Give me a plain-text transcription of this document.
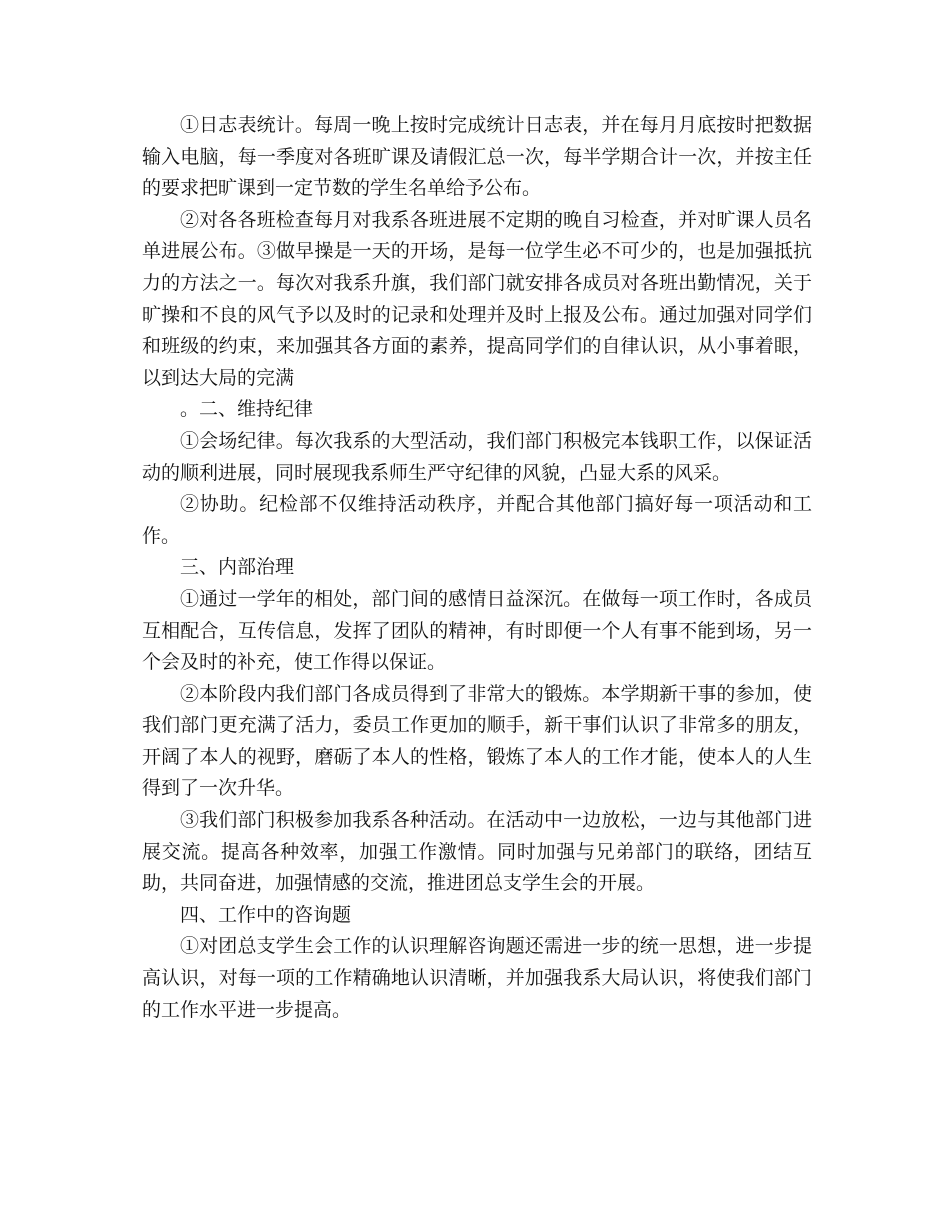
①日志表统计。每周一晚上按时完成统计日志表，并在每月月底按时把数据输入电脑，每一季度对各班旷课及请假汇总一次，每半学期合计一次，并按主任的要求把旷课到一定节数的学生名单给予公布。

②对各各班检查每月对我系各班进展不定期的晚自习检查，并对旷课人员名单进展公布。③做早操是一天的开场，是每一位学生必不可少的，也是加强抵抗力的方法之一。每次对我系升旗，我们部门就安排各成员对各班出勤情况，关于旷操和不良的风气予以及时的记录和处理并及时上报及公布。通过加强对同学们和班级的约束，来加强其各方面的素养，提高同学们的自律认识，从小事着眼，以到达大局的完满

。二、维持纪律

①会场纪律。每次我系的大型活动，我们部门积极完本钱职工作，以保证活动的顺利进展，同时展现我系师生严守纪律的风貌，凸显大系的风采。

②协助。纪检部不仅维持活动秩序，并配合其他部门搞好每一项活动和工作。

三、内部治理

①通过一学年的相处，部门间的感情日益深沉。在做每一项工作时，各成员互相配合，互传信息，发挥了团队的精神，有时即便一个人有事不能到场，另一个会及时的补充，使工作得以保证。

②本阶段内我们部门各成员得到了非常大的锻炼。本学期新干事的参加，使我们部门更充满了活力，委员工作更加的顺手，新干事们认识了非常多的朋友，开阔了本人的视野，磨砺了本人的性格，锻炼了本人的工作才能，使本人的人生得到了一次升华。

③我们部门积极参加我系各种活动。在活动中一边放松，一边与其他部门进展交流。提高各种效率，加强工作激情。同时加强与兄弟部门的联络，团结互助，共同奋进，加强情感的交流，推进团总支学生会的开展。

四、工作中的咨询题

①对团总支学生会工作的认识理解咨询题还需进一步的统一思想，进一步提高认识，对每一项的工作精确地认识清晰，并加强我系大局认识，将使我们部门的工作水平进一步提高。
